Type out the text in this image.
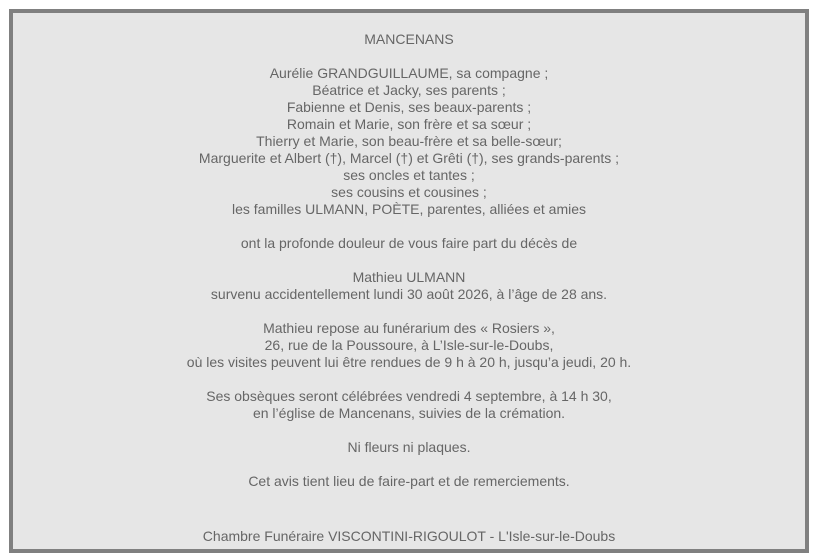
MANCENANS
Aurélie GRANDGUILLAUME, sa compagne ;
Béatrice et Jacky, ses parents ;
Fabienne et Denis, ses beaux-parents ;
Romain et Marie, son frère et sa sœur ;
Thierry et Marie, son beau-frère et sa belle-sœur;
Marguerite et Albert (†), Marcel (†) et Grêti (†), ses grands-parents ;
ses oncles et tantes ;
ses cousins et cousines ;
les familles ULMANN, POÈTE, parentes, alliées et amies
ont la profonde douleur de vous faire part du décès de
Mathieu ULMANN
survenu accidentellement lundi 30 août 2026, à l’âge de 28 ans.
Mathieu repose au funérarium des « Rosiers »,
26, rue de la Poussoure, à L’Isle-sur-le-Doubs,
où les visites peuvent lui être rendues de 9 h à 20 h, jusqu’a jeudi, 20 h.
Ses obsèques seront célébrées vendredi 4 septembre, à 14 h 30,
en l’église de Mancenans, suivies de la crémation.
Ni fleurs ni plaques.
Cet avis tient lieu de faire-part et de remerciements.
Chambre Funéraire VISCONTINI-RIGOULOT - L'Isle-sur-le-Doubs
